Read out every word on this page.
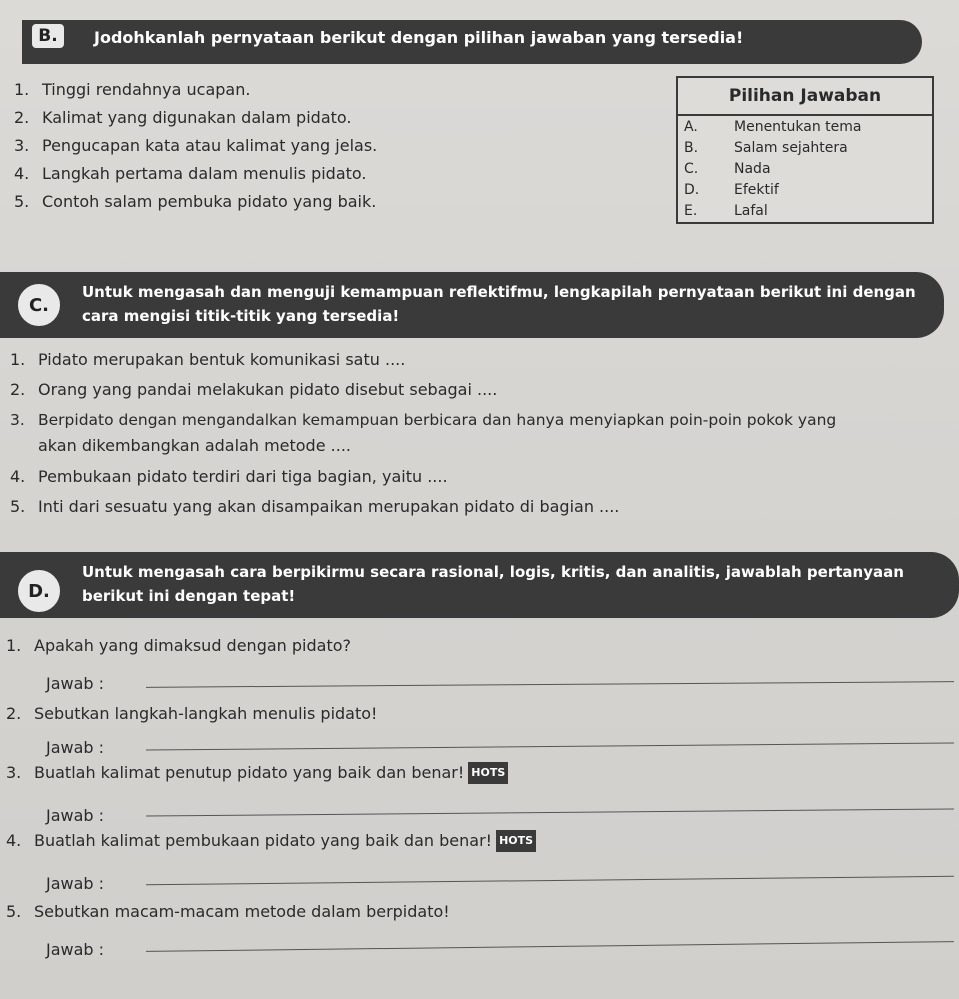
Jodohkanlah pernyataan berikut dengan pilihan jawaban yang tersedia!
B.
1. Tinggi rendahnya ucapan.
2. Kalimat yang digunakan dalam pidato.
3. Pengucapan kata atau kalimat yang jelas.
4. Langkah pertama dalam menulis pidato.
5. Contoh salam pembuka pidato yang baik.
Pilihan Jawaban
A.	Menentukan tema
B.	Salam sejahtera
C.	Nada
D. Efektif
E.	Lafal
Untuk mengasah dan menguji kemampuan reflektifmu, lengkapilah pernyataan berikut ini dengan
cara mengisi titik-titik yang tersedia!
C.
1. Pidato merupakan bentuk komunikasi satu ....
2. Orang yang pandai melakukan pidato disebut sebagai ....
3. Berpidato dengan mengandalkan kemampuan berbicara dan hanya menyiapkan poin-poin pokok yang
akan dikembangkan adalah metode ....
4. Pembukaan pidato terdiri dari tiga bagian, yaitu ....
5. Inti dari sesuatu yang akan disampaikan merupakan pidato di bagian ....
Untuk mengasah cara berpikirmu secara rasional, logis, kritis, dan analitis, jawablah pertanyaan
berikut ini dengan tepat!
D.
1. Apakah yang dimaksud dengan pidato?
Jawab :
2. Sebutkan langkah-langkah menulis pidato!
Jawab :
3. Buatlah kalimat penutup pidato yang baik dan benar! HOTS
Jawab :
4. Buatlah kalimat pembukaan pidato yang baik dan benar! HOTS
Jawab :
5. Sebutkan macam-macam metode dalam berpidato!
Jawab :
